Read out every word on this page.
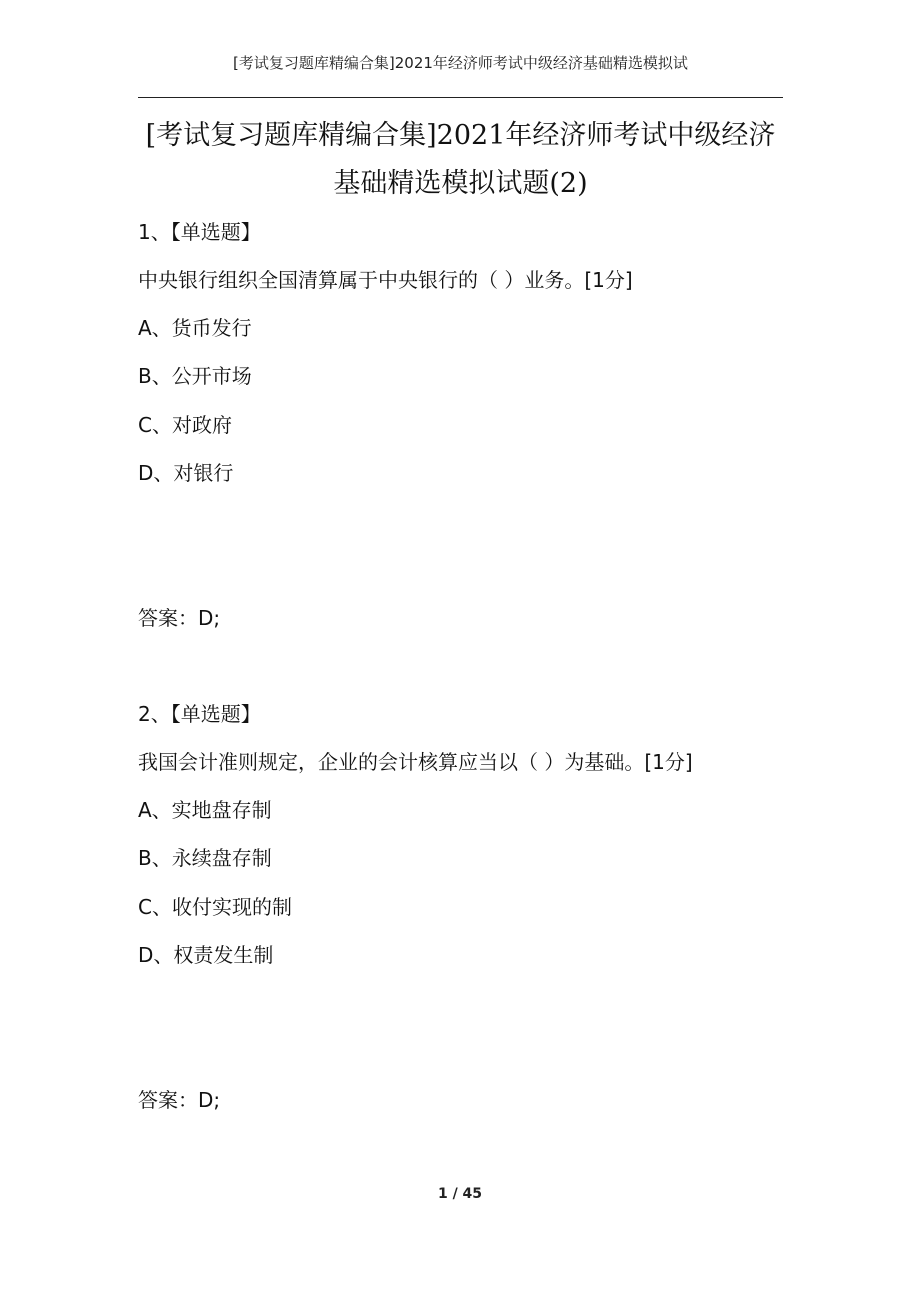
[考试复习题库精编合集]2021年经济师考试中级经济基础精选模拟试
[考试复习题库精编合集]2021年经济师考试中级经济
基础精选模拟试题(2)
1、【单选题】
中央银行组织全国清算属于中央银行的（ ）业务。[1分]
A、货币发行
B、公开市场
C、对政府
D、对银行
答案：D;
2、【单选题】
我国会计准则规定，企业的会计核算应当以（ ）为基础。[1分]
A、实地盘存制
B、永续盘存制
C、收付实现的制
D、权责发生制
答案：D;
1 / 45
